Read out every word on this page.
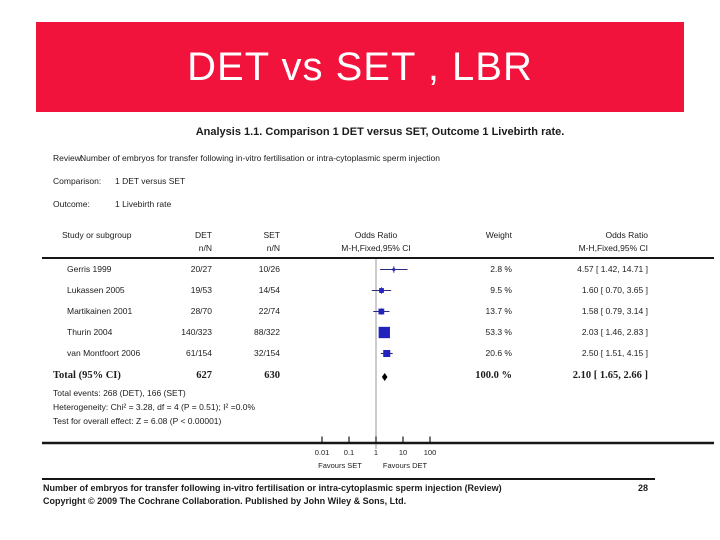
DET vs SET , LBR
Analysis 1.1. Comparison 1 DET versus SET, Outcome 1 Livebirth rate.
Review:
Number of embryos for transfer following in-vitro fertilisation or intra-cytoplasmic sperm injection
Comparison: 1 DET versus SET
Outcome:	1 Livebirth rate
Study or subgroup	DET	SET	Odds Ratio	Weight	Odds Ratio
n/N	n/N	M-H,Fixed,95% CI	M-H,Fixed,95% CI
Gerris 1999	20/27	10/26	2.8 %	4.57 [ 1.42, 14.71 ]
Lukassen 2005	19/53	14/54	9.5 %	1.60 [ 0.70, 3.65 ]
Martikainen 2001	28/70	22/74	13.7 %	1.58 [ 0.79, 3.14 ]
Thurin 2004	140/323	88/322	53.3 %	2.03 [ 1.46, 2.83 ]
van Montfoort 2006	61/154	32/154	20.6 %	2.50 [ 1.51, 4.15 ]
Total (95% CI)	627	630	100.0 %	2.10 [ 1.65, 2.66 ]
Total events: 268 (DET), 166 (SET)
Heterogeneity: Chi² = 3.28, df = 4 (P = 0.51); I² =0.0%
Test for overall effect: Z = 6.08 (P < 0.00001)
0.01	0.1	1	10	100
Favours SET	Favours DET
Number of embryos for transfer following in-vitro fertilisation or intra-cytoplasmic sperm injection (Review)	28
Copyright © 2009 The Cochrane Collaboration. Published by John Wiley & Sons, Ltd.
